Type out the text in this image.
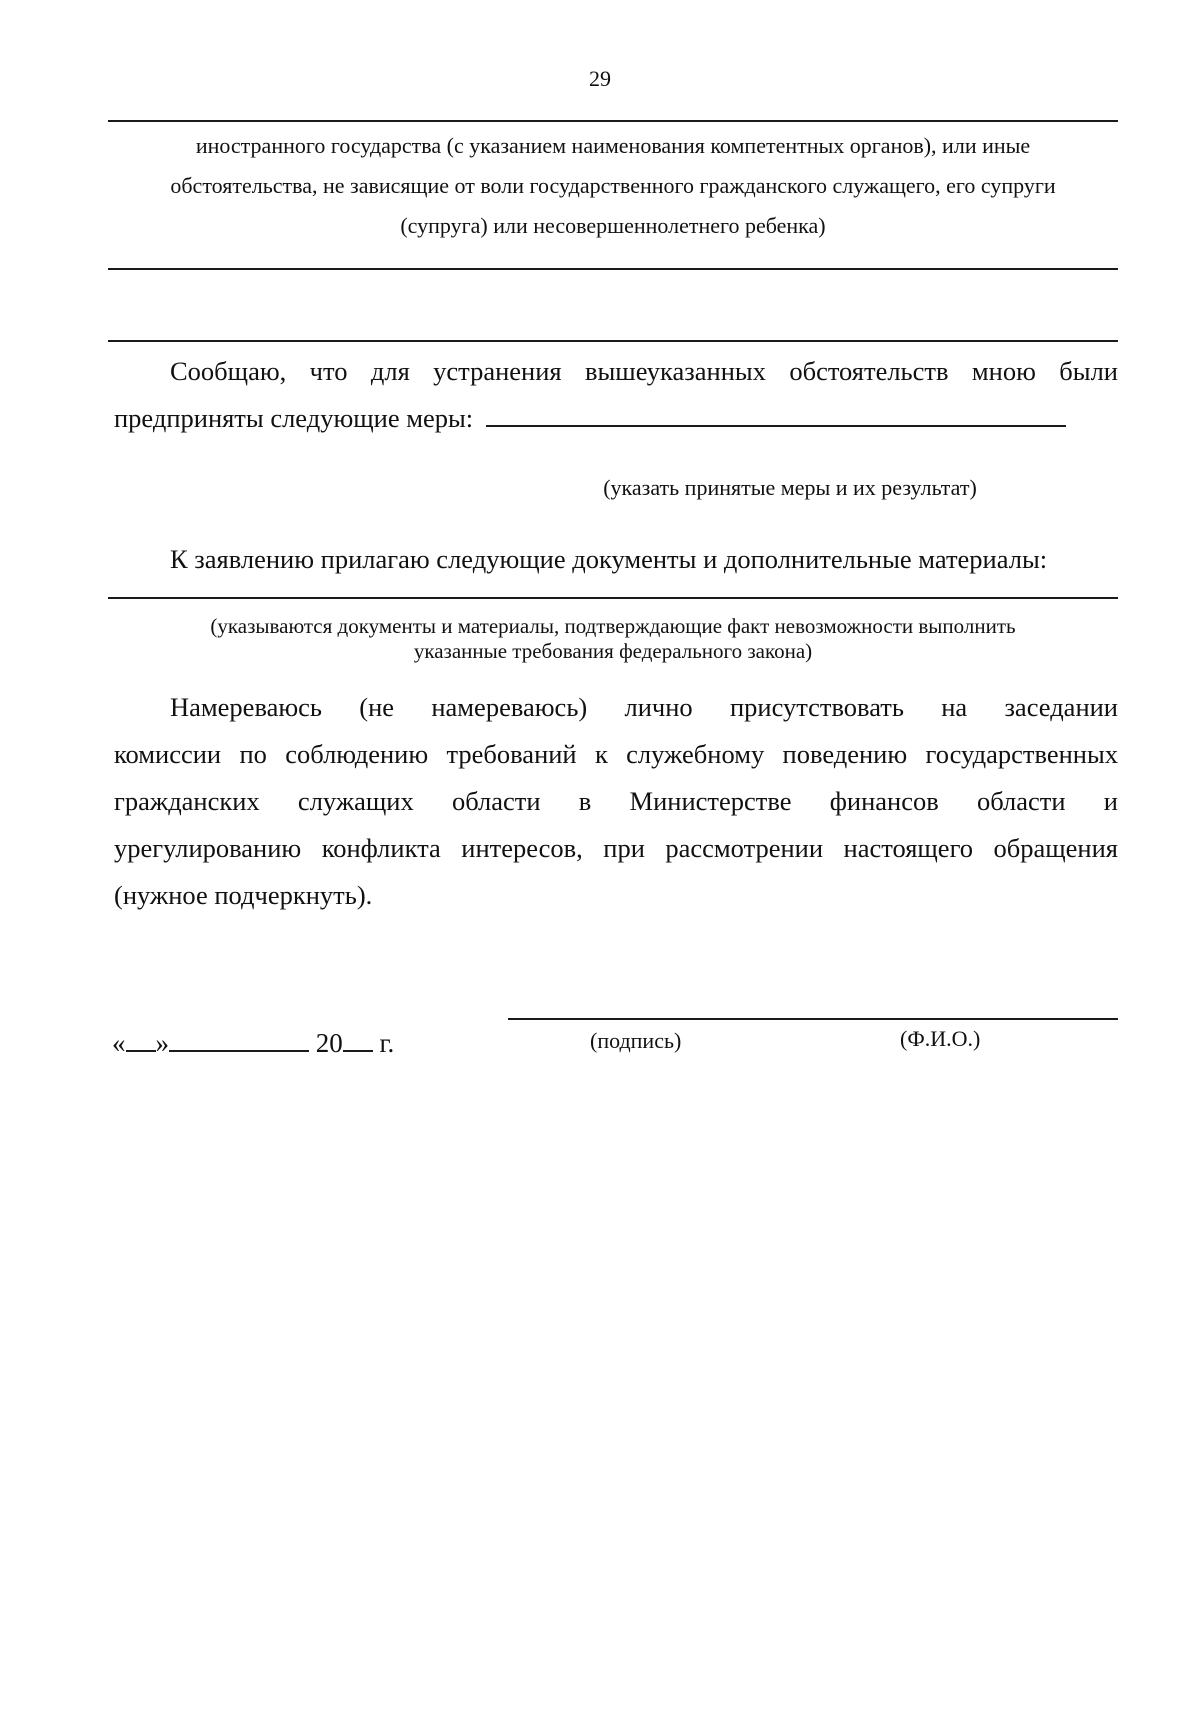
29
иностранного государства (с указанием наименования компетентных органов), или иные
обстоятельства, не зависящие от воли государственного гражданского служащего, его супруги
(супруга) или несовершеннолетнего ребенка)
Сообщаю, что для устранения вышеуказанных обстоятельств мною были
предприняты следующие меры:
(указать принятые меры и их результат)
К заявлению прилагаю следующие документы и дополнительные материалы:
(указываются документы и материалы, подтверждающие факт невозможности выполнить
указанные требования федерального закона)
Намереваюсь (не намереваюсь) лично присутствовать на заседании
комиссии по соблюдению требований к служебному поведению государственных
гражданских служащих области в Министерстве финансов области и
урегулированию конфликта интересов, при рассмотрении настоящего обращения
(нужное подчеркнуть).
« »	20 г.	(подпись)	(Ф.И.О.)
